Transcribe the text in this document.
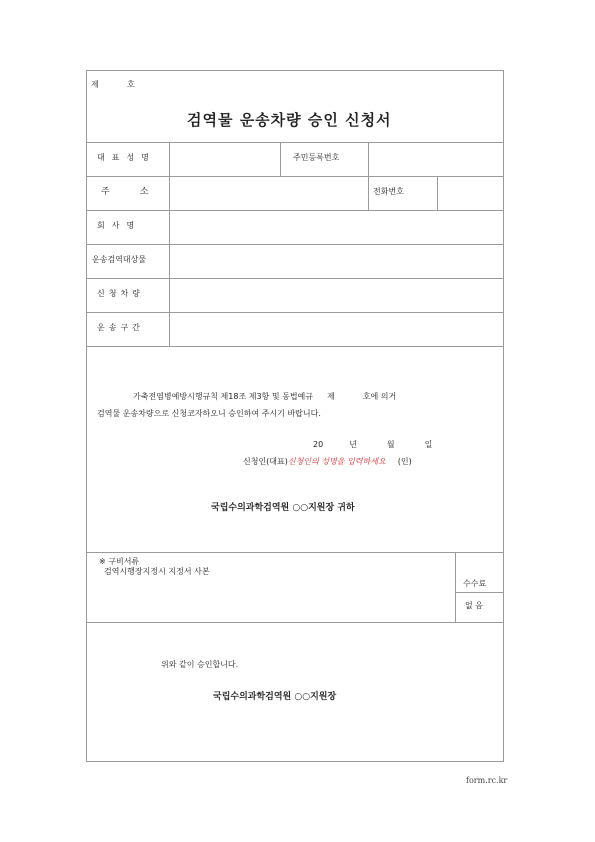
제	호
검역물 운송차량 승인 신청서
대표성명	주민등록번호
주소	전화번호
회사명
운송검역대상물
신청차량
운송구간
가축전염병예방시행규칙 제18조 제3항 및 동법예규 제	호에 의거
검역물 운송차량으로 신청코자하오니 승인하여 주시기 바랍니다.
20	년	월	일
신청인(대표)신청인의 성명을 입력하세요 (인)
국립수의과학검역원 ○○지원장 귀하
※ 구비서류
검역시행장지정시 지정서 사본
수수료
없 음
위와 같이 승인합니다.
국립수의과학검역원 ○○지원장
form.rc.kr
